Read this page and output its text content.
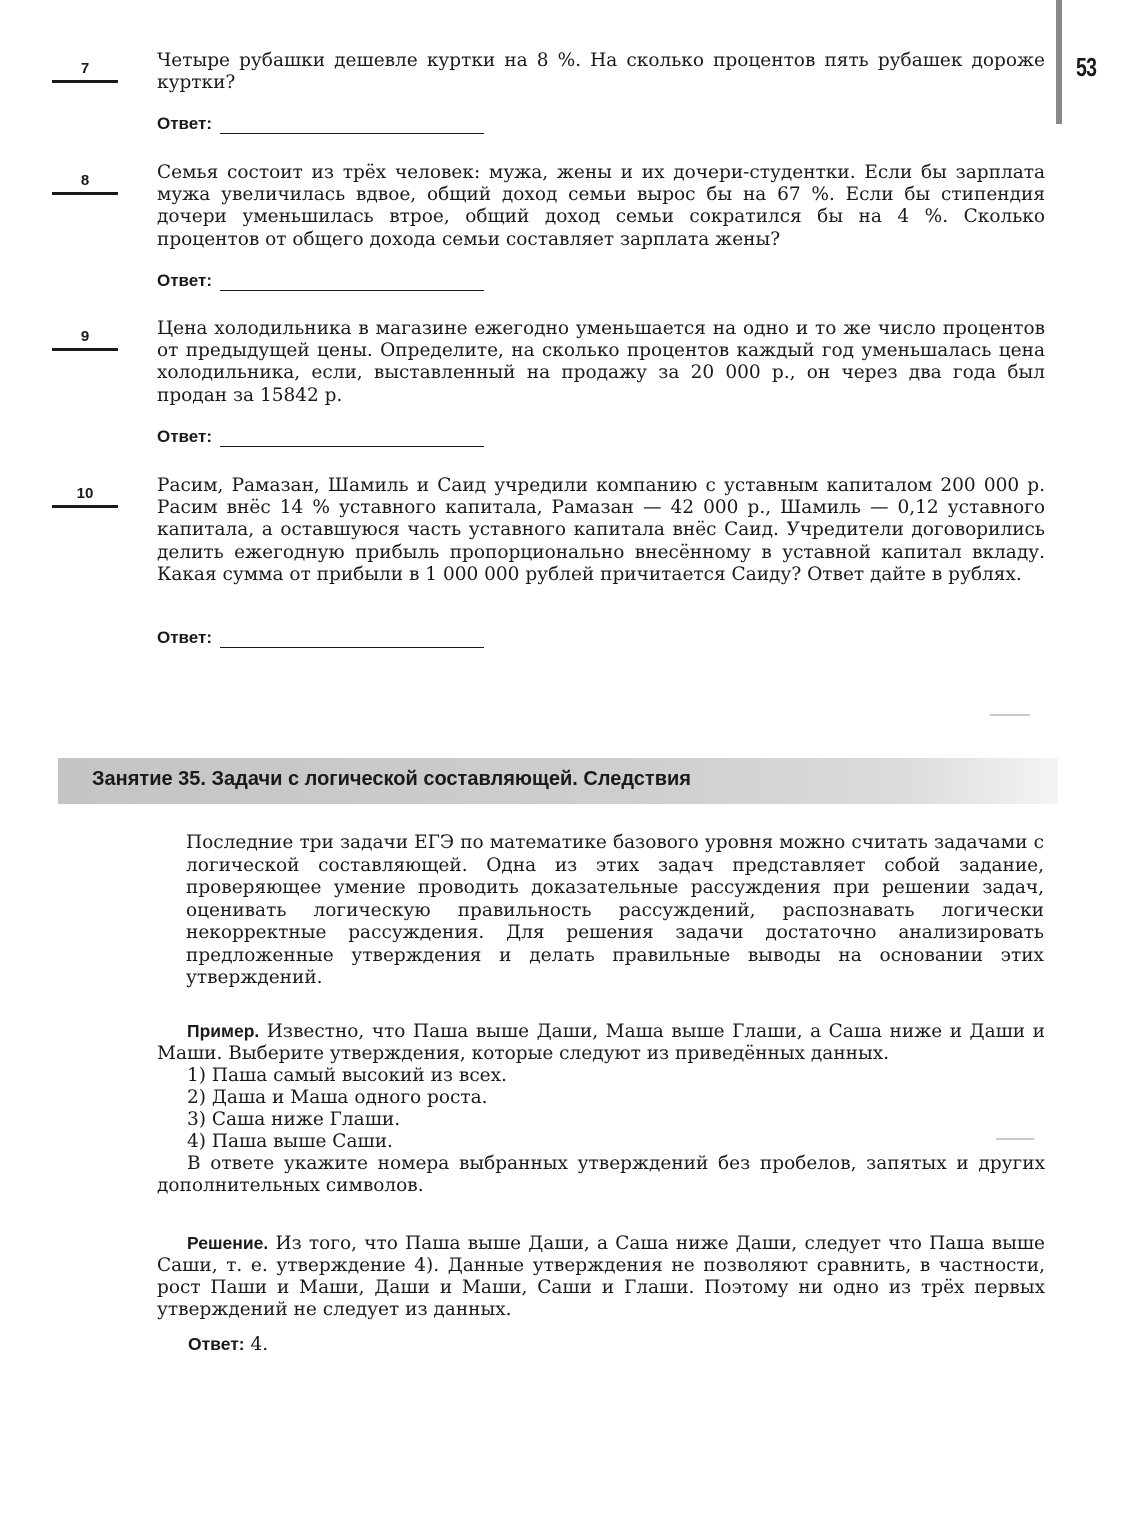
53
7	Четыре рубашки дешевле куртки на 8 %. На сколько процентов пять рубашек дороже куртки?

Ответ:
8	Семья состоит из трёх человек: мужа, жены и их дочери-студентки. Если бы зарплата мужа увеличилась вдвое, общий доход семьи вырос бы на 67 %. Если бы стипендия дочери уменьшилась втрое, общий доход семьи сократился бы на 4 %. Сколько процентов от общего дохода семьи составляет зарплата жены?

Ответ:
9	Цена холодильника в магазине ежегодно уменьшается на одно и то же число процентов от предыдущей цены. Определите, на сколько процентов каждый год уменьшалась цена холодильника, если, выставленный на продажу за 20 000 р., он через два года был продан за 15842 р.

Ответ:
10	Расим, Рамазан, Шамиль и Саид учредили компанию с уставным капиталом 200 000 р. Расим внёс 14 % уставного капитала, Рамазан — 42 000 р., Шамиль — 0,12 уставного капитала, а оставшуюся часть уставного капитала внёс Саид. Учредители договорились делить ежегодную прибыль пропорционально внесённому в уставной капитал вкладу. Какая сумма от прибыли в 1 000 000 рублей причитается Саиду? Ответ дайте в рублях.

Ответ:
Занятие 35. Задачи с логической составляющей. Следствия

Последние три задачи ЕГЭ по математике базового уровня можно считать задачами с логической составляющей. Одна из этих задач представляет собой задание, проверяющее умение проводить доказательные рассуждения при решении задач, оценивать логическую правильность рассуждений, распознавать логически некорректные рассуждения. Для решения задачи достаточно анализировать предложенные утверждения и делать правильные выводы на основании этих утверждений.

Пример. Известно, что Паша выше Даши, Маша выше Глаши, а Саша ниже и Даши и Маши. Выберите утверждения, которые следуют из приведённых данных.

1) Паша самый высокий из всех.

2) Даша и Маша одного роста.

3) Саша ниже Глаши.

4) Паша выше Саши.

В ответе укажите номера выбранных утверждений без пробелов, запятых и других дополнительных символов.

Решение. Из того, что Паша выше Даши, а Саша ниже Даши, следует что Паша выше Саши, т. е. утверждение 4). Данные утверждения не позволяют сравнить, в частности, рост Паши и Маши, Даши и Маши, Саши и Глаши. Поэтому ни одно из трёх первых утверждений не следует из данных.

Ответ: 4.
